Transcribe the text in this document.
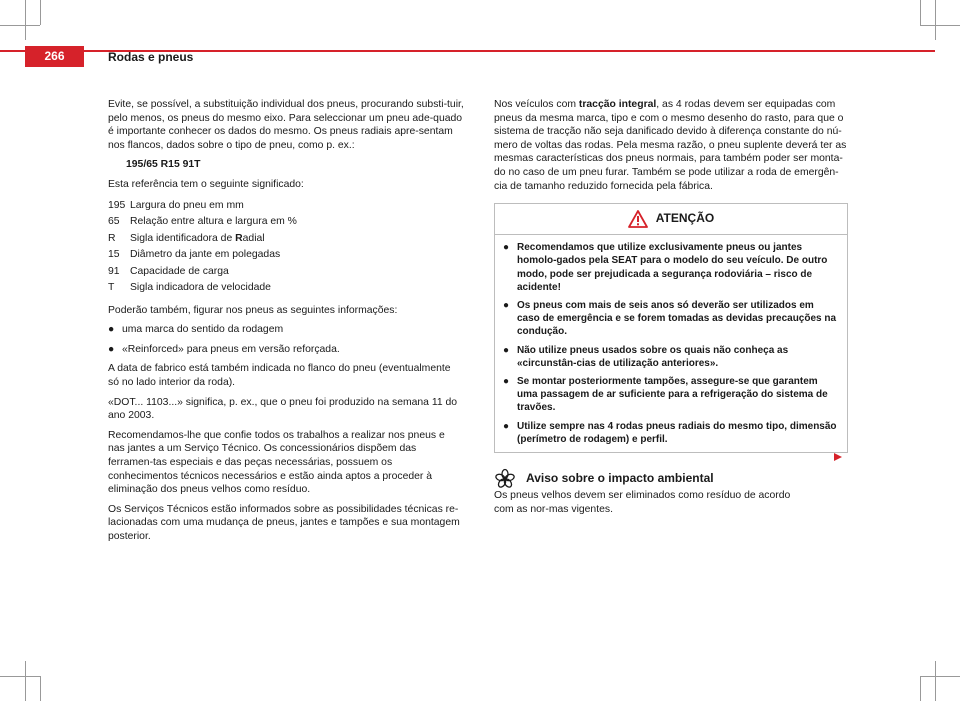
266	Rodas e pneus

Evite, se possível, a substituição individual dos pneus, procurando substi-tuir, pelo menos, os pneus do mesmo eixo. Para seleccionar um pneu ade-quado é importante conhecer os dados do mesmo. Os pneus radiais apre-sentam nos flancos, dados sobre o tipo de pneu, como p. ex.:

195/65 R15 91T

Esta referência tem o seguinte significado:

195 Largura do pneu em mm
65	Relação entre altura e largura em %
R	Sigla identificadora de Radial
15	Diâmetro da jante em polegadas
91	Capacidade de carga
T	Sigla indicadora de velocidade

Poderão também, figurar nos pneus as seguintes informações:

● uma marca do sentido da rodagem
● «Reinforced» para pneus em versão reforçada.

A data de fabrico está também indicada no flanco do pneu (eventualmente só no lado interior da roda).

«DOT... 1103...» significa, p. ex., que o pneu foi produzido na semana 11 do ano 2003.

Recomendamos-lhe que confie todos os trabalhos a realizar nos pneus e nas jantes a um Serviço Técnico. Os concessionários dispõem das ferramen-tas especiais e das peças necessárias, possuem os conhecimentos técnicos necessários e estão ainda aptos a proceder à eliminação dos pneus velhos como resíduo.

Os Serviços Técnicos estão informados sobre as possibilidades técnicas re-lacionadas com uma mudança de pneus, jantes e tampões e sua montagem posterior.

Nos veículos com tracção integral, as 4 rodas devem ser equipadas com pneus da mesma marca, tipo e com o mesmo desenho do rasto, para que o sistema de tracção não seja danificado devido à diferença constante do nú-mero de voltas das rodas. Pela mesma razão, o pneu suplente deverá ter as mesmas características dos pneus normais, para também poder ser monta-do no caso de um pneu furar. Também se pode utilizar a roda de emergên-cia de tamanho reduzido fornecida pela fábrica.

ATENÇÃO
● Recomendamos que utilize exclusivamente pneus ou jantes homolo-gados pela SEAT para o modelo do seu veículo. De outro modo, pode ser prejudicada a segurança rodoviária – risco de acidente!
● Os pneus com mais de seis anos só deverão ser utilizados em caso de emergência e se forem tomadas as devidas precauções na condução.
● Não utilize pneus usados sobre os quais não conheça as «circunstân-cias de utilização anteriores».
● Se montar posteriormente tampões, assegure-se que garantem uma passagem de ar suficiente para a refrigeração do sistema de travões.
● Utilize sempre nas 4 rodas pneus radiais do mesmo tipo, dimensão (perímetro de rodagem) e perfil.
Aviso sobre o impacto ambiental

Os pneus velhos devem ser eliminados como resíduo de acordo com as nor-mas vigentes.
